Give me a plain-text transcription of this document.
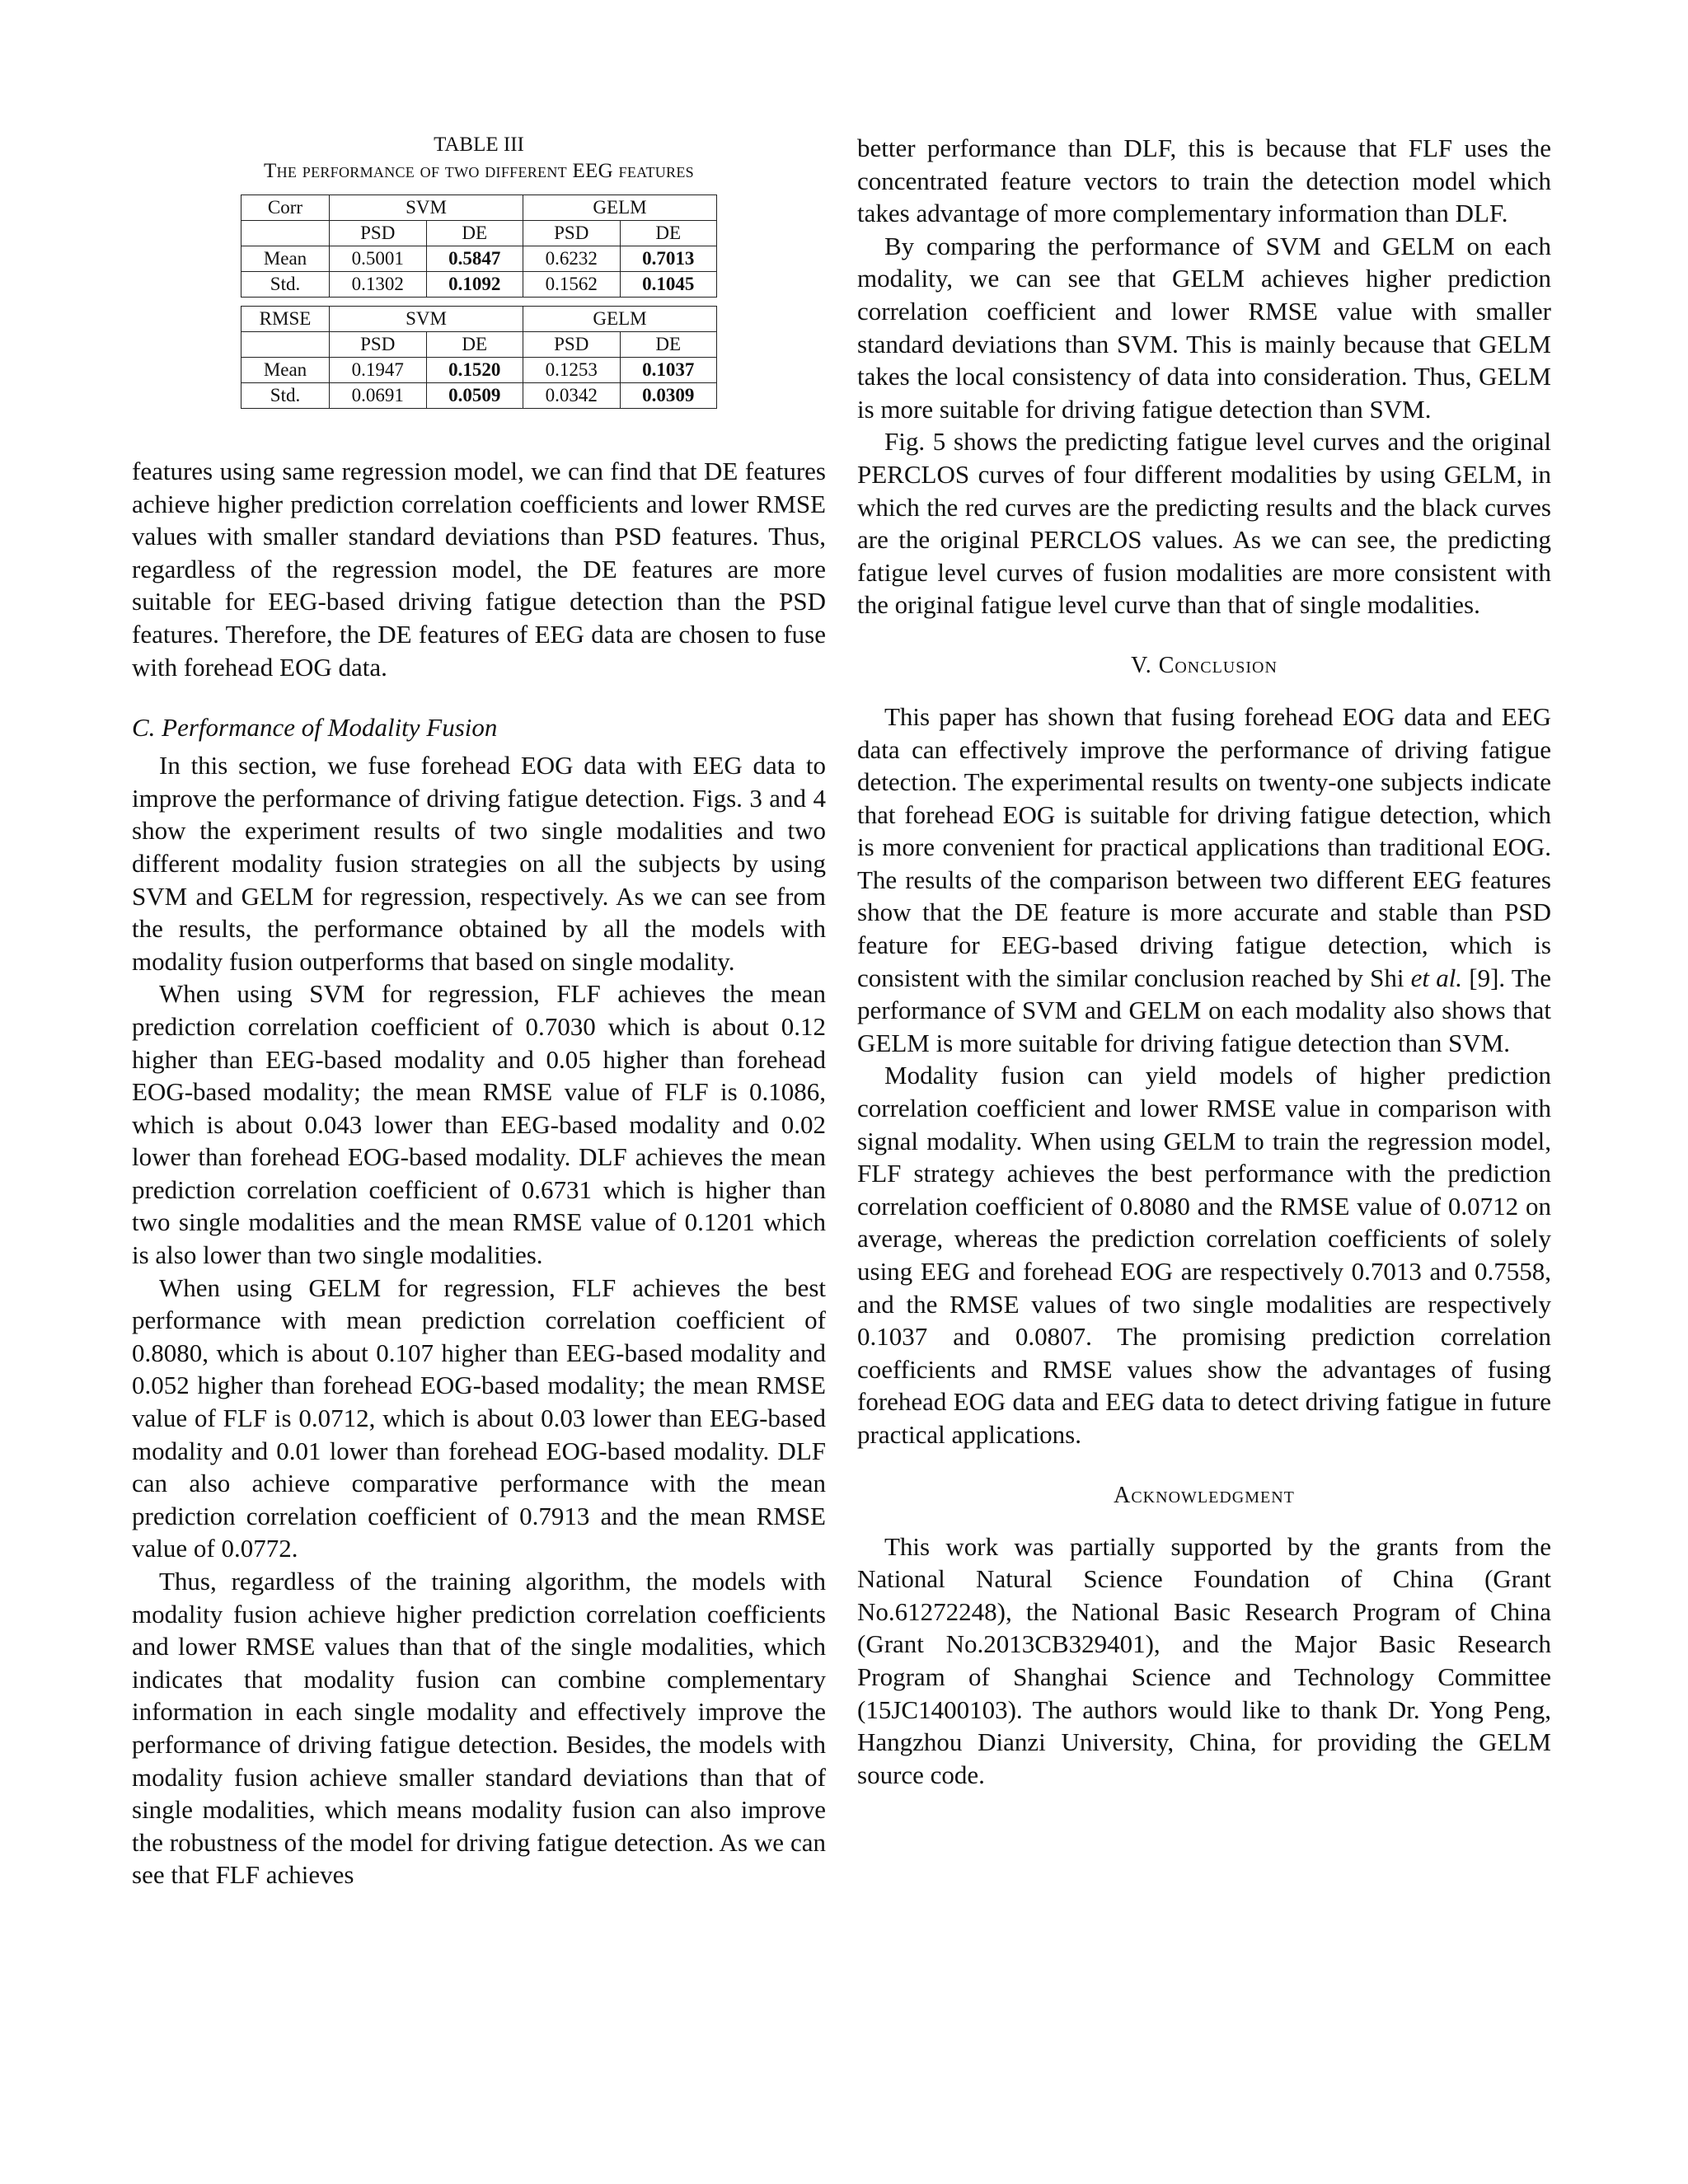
TABLE III
The performance of two different EEG features
Corr	SVM		GELM	
	PSD	DE	PSD	DE
Mean	0.5001	0.5847	0.6232	0.7013
Std.	0.1302	0.1092	0.1562	0.1045
RMSE	SVM		GELM	
	PSD	DE	PSD	DE
Mean	0.1947	0.1520	0.1253	0.1037
Std.	0.0691	0.0509	0.0342	0.0309

features using same regression model, we can find that DE features achieve higher prediction correlation coefficients and lower RMSE values with smaller standard deviations than PSD features. Thus, regardless of the regression model, the DE features are more suitable for EEG-based driving fatigue detection than the PSD features. Therefore, the DE features of EEG data are chosen to fuse with forehead EOG data.

C. Performance of Modality Fusion

In this section, we fuse forehead EOG data with EEG data to improve the performance of driving fatigue detection. Figs. 3 and 4 show the experiment results of two single modalities and two different modality fusion strategies on all the subjects by using SVM and GELM for regression, respectively. As we can see from the results, the performance obtained by all the models with modality fusion outperforms that based on single modality.

When using SVM for regression, FLF achieves the mean prediction correlation coefficient of 0.7030 which is about 0.12 higher than EEG-based modality and 0.05 higher than forehead EOG-based modality; the mean RMSE value of FLF is 0.1086, which is about 0.043 lower than EEG-based modality and 0.02 lower than forehead EOG-based modality. DLF achieves the mean prediction correlation coefficient of 0.6731 which is higher than two single modalities and the mean RMSE value of 0.1201 which is also lower than two single modalities.

When using GELM for regression, FLF achieves the best performance with mean prediction correlation coefficient of 0.8080, which is about 0.107 higher than EEG-based modality and 0.052 higher than forehead EOG-based modality; the mean RMSE value of FLF is 0.0712, which is about 0.03 lower than EEG-based modality and 0.01 lower than forehead EOG-based modality. DLF can also achieve comparative performance with the mean prediction correlation coefficient of 0.7913 and the mean RMSE value of 0.0772.

Thus, regardless of the training algorithm, the models with modality fusion achieve higher prediction correlation coefficients and lower RMSE values than that of the single modalities, which indicates that modality fusion can combine complementary information in each single modality and effectively improve the performance of driving fatigue detection. Besides, the models with modality fusion achieve smaller standard deviations than that of single modalities, which means modality fusion can also improve the robustness of the model for driving fatigue detection. As we can see that FLF achieves

better performance than DLF, this is because that FLF uses the concentrated feature vectors to train the detection model which takes advantage of more complementary information than DLF.

By comparing the performance of SVM and GELM on each modality, we can see that GELM achieves higher prediction correlation coefficient and lower RMSE value with smaller standard deviations than SVM. This is mainly because that GELM takes the local consistency of data into consideration. Thus, GELM is more suitable for driving fatigue detection than SVM.

Fig. 5 shows the predicting fatigue level curves and the original PERCLOS curves of four different modalities by using GELM, in which the red curves are the predicting results and the black curves are the original PERCLOS values. As we can see, the predicting fatigue level curves of fusion modalities are more consistent with the original fatigue level curve than that of single modalities.

V. Conclusion

This paper has shown that fusing forehead EOG data and EEG data can effectively improve the performance of driving fatigue detection. The experimental results on twenty-one subjects indicate that forehead EOG is suitable for driving fatigue detection, which is more convenient for practical applications than traditional EOG. The results of the comparison between two different EEG features show that the DE feature is more accurate and stable than PSD feature for EEG-based driving fatigue detection, which is consistent with the similar conclusion reached by Shi et al. [9]. The performance of SVM and GELM on each modality also shows that GELM is more suitable for driving fatigue detection than SVM.

Modality fusion can yield models of higher prediction correlation coefficient and lower RMSE value in comparison with signal modality. When using GELM to train the regression model, FLF strategy achieves the best performance with the prediction correlation coefficient of 0.8080 and the RMSE value of 0.0712 on average, whereas the prediction correlation coefficients of solely using EEG and forehead EOG are respectively 0.7013 and 0.7558, and the RMSE values of two single modalities are respectively 0.1037 and 0.0807. The promising prediction correlation coefficients and RMSE values show the advantages of fusing forehead EOG data and EEG data to detect driving fatigue in future practical applications.

Acknowledgment

This work was partially supported by the grants from the National Natural Science Foundation of China (Grant No.61272248), the National Basic Research Program of China (Grant No.2013CB329401), and the Major Basic Research Program of Shanghai Science and Technology Committee (15JC1400103). The authors would like to thank Dr. Yong Peng, Hangzhou Dianzi University, China, for providing the GELM source code.
